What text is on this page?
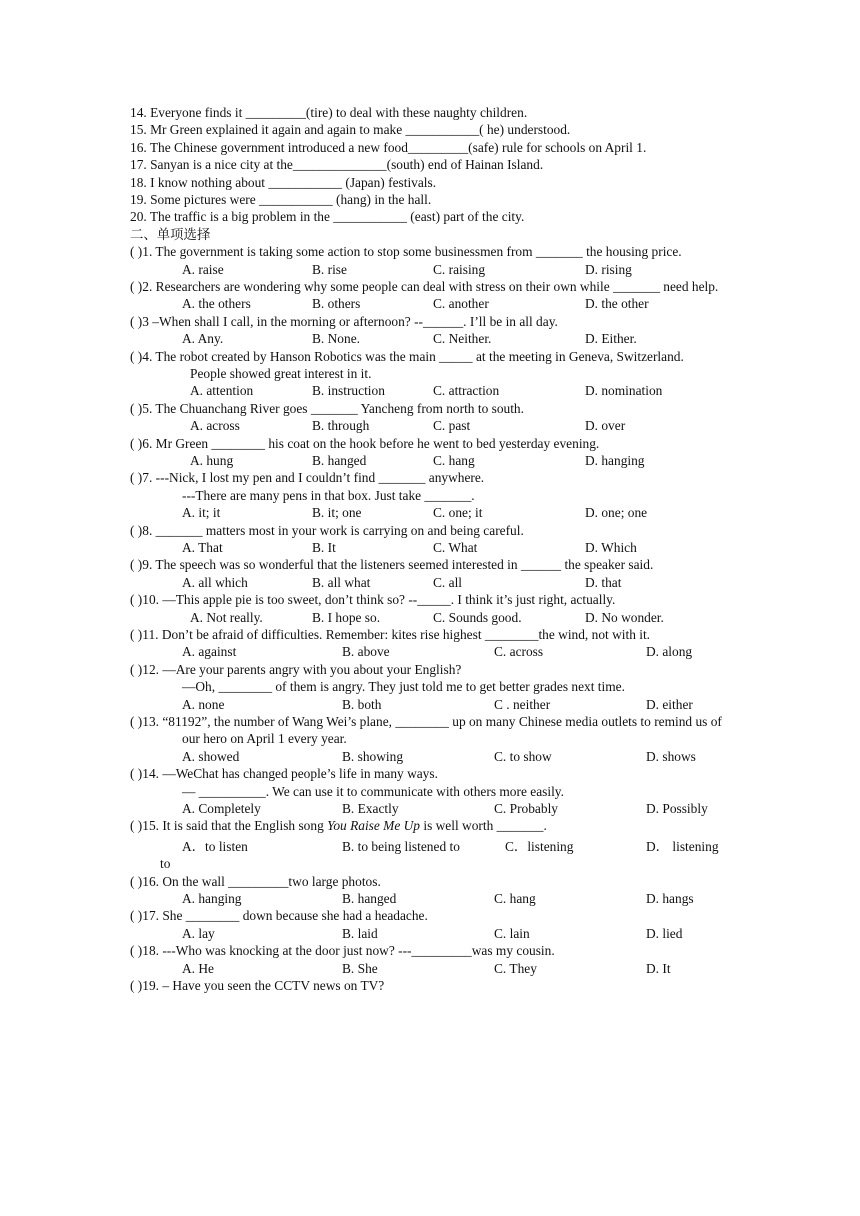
14. Everyone finds it _________(tire) to deal with these naughty children.
15. Mr Green explained it again and again to make ___________( he) understood.
16. The Chinese government introduced a new food_________(safe) rule for schools on April 1.
17. Sanyan is a nice city at the______________(south) end of Hainan Island.
18. I know nothing about ___________ (Japan) festivals.
19. Some pictures were ___________ (hang) in the hall.
20. The traffic is a big problem in the ___________ (east) part of the city.
二、单项选择
( )1. The government is taking some action to stop some businessmen from _______ the housing price.
A. raise	B. rise	C. raising	D. rising
( )2. Researchers are wondering why some people can deal with stress on their own while _______ need help.
A. the others	B. others	C. another	D. the other
( )3 –When shall I call, in the morning or afternoon? --______. I’ll be in all day.
A. Any.	B. None.	C. Neither.	D. Either.
( )4. The robot created by Hanson Robotics was the main _____ at the meeting in Geneva, Switzerland.
People showed great interest in it.
A. attention	B. instruction	C. attraction	D. nomination
( )5. The Chuanchang River goes _______ Yancheng from north to south.
A. across	B. through	C. past	D. over
( )6. Mr Green ________ his coat on the hook before he went to bed yesterday evening.
A. hung	B. hanged	C. hang	D. hanging
( )7. ---Nick, I lost my pen and I couldn’t find _______ anywhere.
---There are many pens in that box. Just take _______.
A. it; it	B. it; one	C. one; it	D. one; one
( )8. _______ matters most in your work is carrying on and being careful.
A. That	B. It	C. What	D. Which
( )9. The speech was so wonderful that the listeners seemed interested in ______ the speaker said.
A. all which	B. all what	C. all	D. that
( )10. —This apple pie is too sweet, don’t think so? --_____. I think it’s just right, actually.
A. Not really.	B. I hope so.	C. Sounds good.	D. No wonder.
( )11. Don’t be afraid of difficulties. Remember: kites rise highest ________the wind, not with it.
A. against	B. above	C. across	D. along
( )12. —Are your parents angry with you about your English?
—Oh, ________ of them is angry. They just told me to get better grades next time.
A. none	B. both	C . neither	D. either
( )13. “81192”, the number of Wang Wei’s plane, ________ up on many Chinese media outlets to remind us of
our hero on April 1 every year.
A. showed	B. showing	C. to show	D. shows
( )14. —WeChat has changed people’s life in many ways.
— __________. We can use it to communicate with others more easily.
A. Completely	B. Exactly	C. Probably	D. Possibly
( )15. It is said that the English song You Raise Me Up is well worth _______.
A．to listen	B. to being listened to	C．listening	D． listening
to
( )16. On the wall _________two large photos.
A. hanging	B. hanged	C. hang	D. hangs
( )17. She ________ down because she had a headache.
A. lay	B. laid	C. lain	D. lied
( )18. ---Who was knocking at the door just now? ---_________was my cousin.
A. He	B. She	C. They	D. It
( )19. – Have you seen the CCTV news on TV?
